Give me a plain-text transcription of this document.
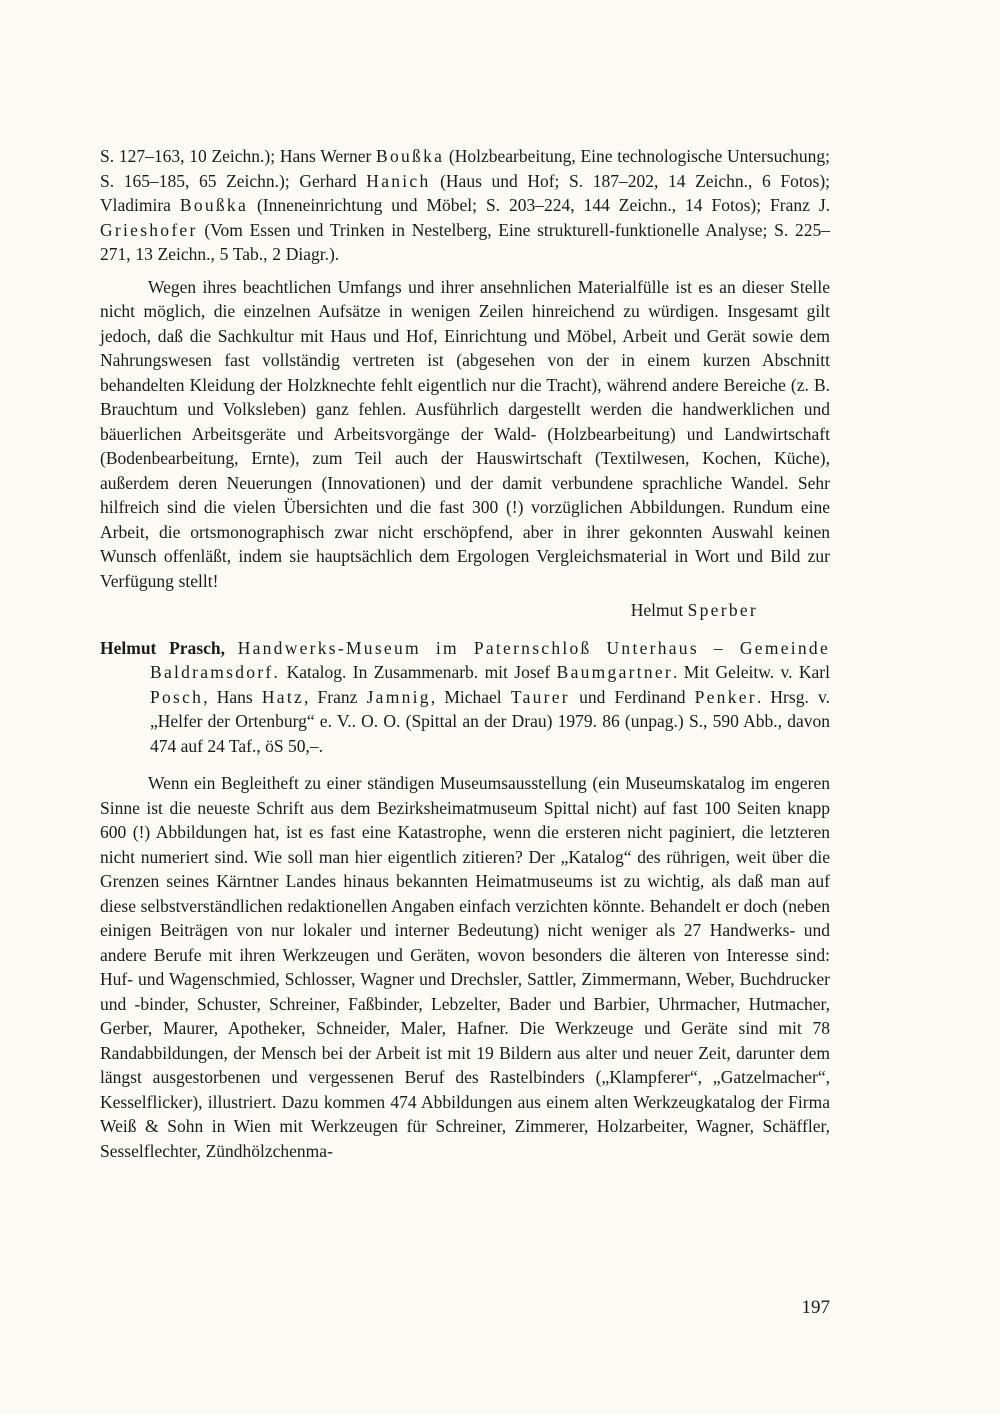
S. 127–163, 10 Zeichn.); Hans Werner Boußka (Holzbearbeitung, Eine technologische Untersuchung; S. 165–185, 65 Zeichn.); Gerhard Hanich (Haus und Hof; S. 187–202, 14 Zeichn., 6 Fotos); Vladimira Boußka (Inneneinrichtung und Möbel; S. 203–224, 144 Zeichn., 14 Fotos); Franz J. Grieshofer (Vom Essen und Trinken in Nestelberg, Eine strukturell-funktionelle Analyse; S. 225–271, 13 Zeichn., 5 Tab., 2 Diagr.).

Wegen ihres beachtlichen Umfangs und ihrer ansehnlichen Materialfülle ist es an dieser Stelle nicht möglich, die einzelnen Aufsätze in wenigen Zeilen hinreichend zu würdigen. Insgesamt gilt jedoch, daß die Sachkultur mit Haus und Hof, Einrichtung und Möbel, Arbeit und Gerät sowie dem Nahrungswesen fast vollständig vertreten ist (abgesehen von der in einem kurzen Abschnitt behandelten Kleidung der Holzknechte fehlt eigentlich nur die Tracht), während andere Bereiche (z. B. Brauchtum und Volksleben) ganz fehlen. Ausführlich dargestellt werden die handwerklichen und bäuerlichen Arbeitsgeräte und Arbeitsvorgänge der Wald- (Holzbearbeitung) und Landwirtschaft (Bodenbearbeitung, Ernte), zum Teil auch der Hauswirtschaft (Textilwesen, Kochen, Küche), außerdem deren Neuerungen (Innovationen) und der damit verbundene sprachliche Wandel. Sehr hilfreich sind die vielen Übersichten und die fast 300 (!) vorzüglichen Abbildungen. Rundum eine Arbeit, die ortsmonographisch zwar nicht erschöpfend, aber in ihrer gekonnten Auswahl keinen Wunsch offenläßt, indem sie hauptsächlich dem Ergologen Vergleichsmaterial in Wort und Bild zur Verfügung stellt!

Helmut Sperber

Helmut Prasch, Handwerks-Museum im Paternschloß Unterhaus – Gemeinde Baldramsdorf. Katalog. In Zusammenarb. mit Josef Baumgartner. Mit Geleitw. v. Karl Posch, Hans Hatz, Franz Jamnig, Michael Taurer und Ferdinand Penker. Hrsg. v. „Helfer der Ortenburg“ e. V.. O. O. (Spittal an der Drau) 1979. 86 (unpag.) S., 590 Abb., davon 474 auf 24 Taf., öS 50,–.

Wenn ein Begleitheft zu einer ständigen Museumsausstellung (ein Museumskatalog im engeren Sinne ist die neueste Schrift aus dem Bezirksheimatmuseum Spittal nicht) auf fast 100 Seiten knapp 600 (!) Abbildungen hat, ist es fast eine Katastrophe, wenn die ersteren nicht paginiert, die letzteren nicht numeriert sind. Wie soll man hier eigentlich zitieren? Der „Katalog“ des rührigen, weit über die Grenzen seines Kärntner Landes hinaus bekannten Heimatmuseums ist zu wichtig, als daß man auf diese selbstverständlichen redaktionellen Angaben einfach verzichten könnte. Behandelt er doch (neben einigen Beiträgen von nur lokaler und interner Bedeutung) nicht weniger als 27 Handwerks- und andere Berufe mit ihren Werkzeugen und Geräten, wovon besonders die älteren von Interesse sind: Huf- und Wagenschmied, Schlosser, Wagner und Drechsler, Sattler, Zimmermann, Weber, Buchdrucker und -binder, Schuster, Schreiner, Faßbinder, Lebzelter, Bader und Barbier, Uhrmacher, Hutmacher, Gerber, Maurer, Apotheker, Schneider, Maler, Hafner. Die Werkzeuge und Geräte sind mit 78 Randabbildungen, der Mensch bei der Arbeit ist mit 19 Bildern aus alter und neuer Zeit, darunter dem längst ausgestorbenen und vergessenen Beruf des Rastelbinders („Klampferer“, „Gatzelmacher“, Kesselflicker), illustriert. Dazu kommen 474 Abbildungen aus einem alten Werkzeugkatalog der Firma Weiß & Sohn in Wien mit Werkzeugen für Schreiner, Zimmerer, Holzarbeiter, Wagner, Schäffler, Sesselflechter, Zündhölzchenma-

197
